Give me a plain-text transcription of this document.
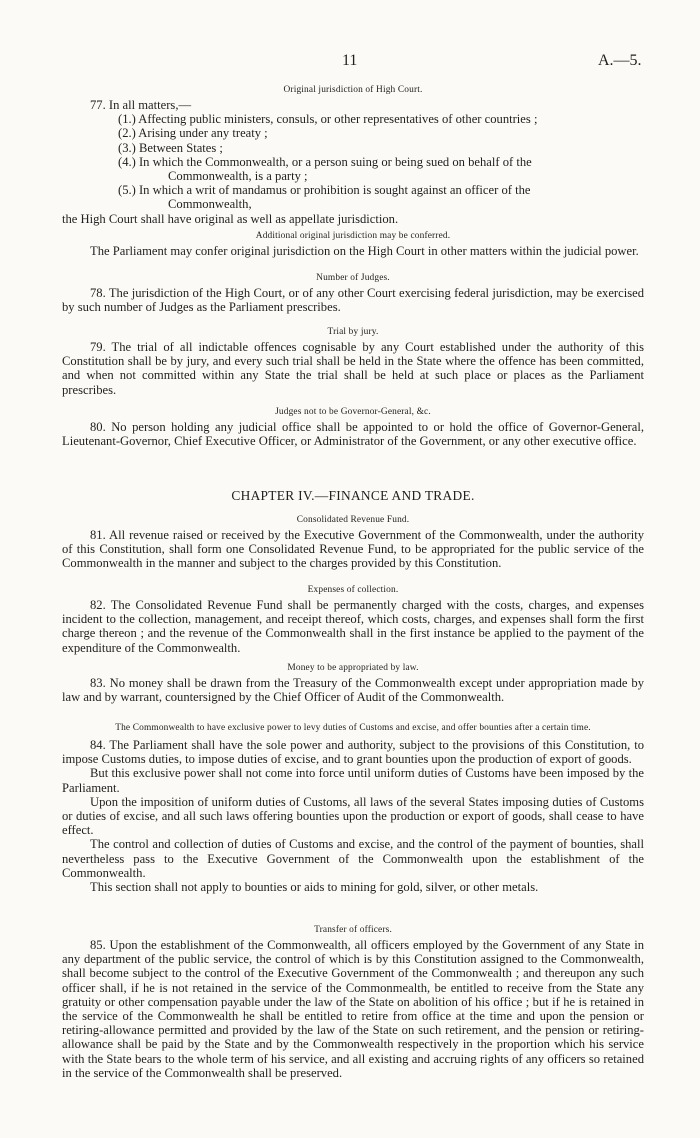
11	A.—5.
Original jurisdiction of High Court.

77. In all matters,—

(1.) Affecting public ministers, consuls, or other representatives of other countries ;
(2.) Arising under any treaty ;
(3.) Between States ;
(4.) In which the Commonwealth, or a person suing or being sued on behalf of the
Commonwealth, is a party ;
(5.) In which a writ of mandamus or prohibition is sought against an officer of the
Commonwealth,

the High Court shall have original as well as appellate jurisdiction.

Additional original jurisdiction may be conferred.

The Parliament may confer original jurisdiction on the High Court in other matters within the judicial power.

Number of Judges.

78. The jurisdiction of the High Court, or of any other Court exercising federal jurisdiction, may be exercised by such number of Judges as the Parliament prescribes.

Trial by jury.

79. The trial of all indictable offences cognisable by any Court established under the authority of this Constitution shall be by jury, and every such trial shall be held in the State where the offence has been committed, and when not committed within any State the trial shall be held at such place or places as the Parliament prescribes.

Judges not to be Governor-General, &c.

80. No person holding any judicial office shall be appointed to or hold the office of Governor-General, Lieutenant-Governor, Chief Executive Officer, or Administrator of the Government, or any other executive office.

CHAPTER IV.—FINANCE AND TRADE.
Consolidated Revenue Fund.

81. All revenue raised or received by the Executive Government of the Commonwealth, under the authority of this Constitution, shall form one Consolidated Revenue Fund, to be appropriated for the public service of the Commonwealth in the manner and subject to the charges provided by this Constitution.

Expenses of collection.

82. The Consolidated Revenue Fund shall be permanently charged with the costs, charges, and expenses incident to the collection, management, and receipt thereof, which costs, charges, and expenses shall form the first charge thereon ; and the revenue of the Commonwealth shall in the first instance be applied to the payment of the expenditure of the Commonwealth.

Money to be appropriated by law.

83. No money shall be drawn from the Treasury of the Commonwealth except under appropriation made by law and by warrant, countersigned by the Chief Officer of Audit of the Commonwealth.

The Commonwealth to have exclusive power to levy duties of Customs and excise, and offer bounties after a certain time.

84. The Parliament shall have the sole power and authority, subject to the provisions of this Constitution, to impose Customs duties, to impose duties of excise, and to grant bounties upon the production of export of goods.

But this exclusive power shall not come into force until uniform duties of Customs have been imposed by the Parliament.

Upon the imposition of uniform duties of Customs, all laws of the several States imposing duties of Customs or duties of excise, and all such laws offering bounties upon the production or export of goods, shall cease to have effect.

The control and collection of duties of Customs and excise, and the control of the payment of bounties, shall nevertheless pass to the Executive Government of the Commonwealth upon the establishment of the Commonwealth.

This section shall not apply to bounties or aids to mining for gold, silver, or other metals.

Transfer of officers.

85. Upon the establishment of the Commonwealth, all officers employed by the Government of any State in any department of the public service, the control of which is by this Constitution assigned to the Commonwealth, shall become subject to the control of the Executive Government of the Commonwealth ; and thereupon any such officer shall, if he is not retained in the service of the Commonmealth, be entitled to receive from the State any gratuity or other compensation payable under the law of the State on abolition of his office ; but if he is retained in the service of the Commonwealth he shall be entitled to retire from office at the time and upon the pension or retiring-allowance permitted and provided by the law of the State on such retirement, and the pension or retiring-allowance shall be paid by the State and by the Commonwealth respectively in the proportion which his service with the State bears to the whole term of his service, and all existing and accruing rights of any officers so retained in the service of the Commonwealth shall be preserved.
